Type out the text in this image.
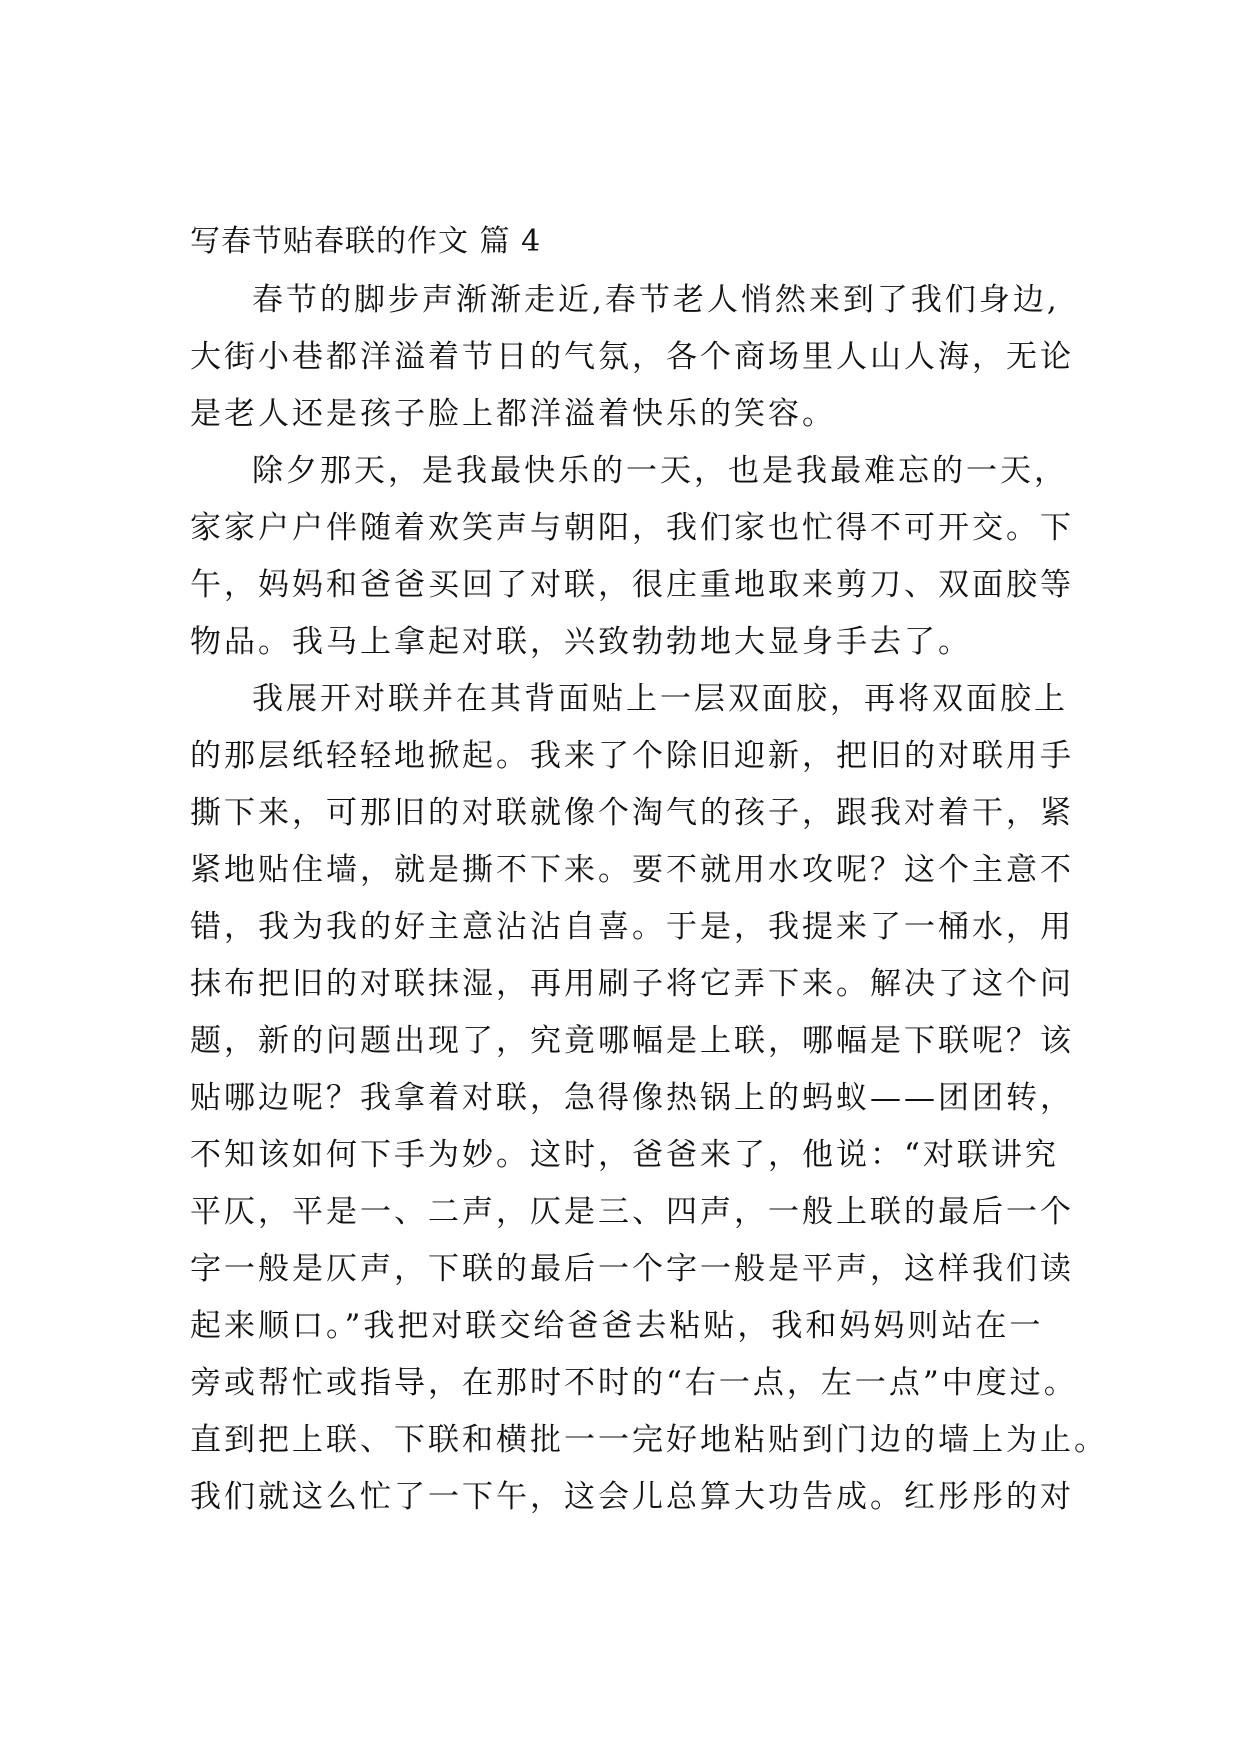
写春节贴春联的作文 篇 4
春节的脚步声渐渐走近,春节老人悄然来到了我们身边,
大街小巷都洋溢着节日的气氛，各个商场里人山人海，无论
是老人还是孩子脸上都洋溢着快乐的笑容。
除夕那天，是我最快乐的一天，也是我最难忘的一天，
家家户户伴随着欢笑声与朝阳，我们家也忙得不可开交。下
午，妈妈和爸爸买回了对联，很庄重地取来剪刀、双面胶等
物品。我马上拿起对联，兴致勃勃地大显身手去了。
我展开对联并在其背面贴上一层双面胶，再将双面胶上
的那层纸轻轻地掀起。我来了个除旧迎新，把旧的对联用手
撕下来，可那旧的对联就像个淘气的孩子，跟我对着干，紧
紧地贴住墙，就是撕不下来。要不就用水攻呢？这个主意不
错，我为我的好主意沾沾自喜。于是，我提来了一桶水，用
抹布把旧的对联抹湿，再用刷子将它弄下来。解决了这个问
题，新的问题出现了，究竟哪幅是上联，哪幅是下联呢？该
贴哪边呢？我拿着对联，急得像热锅上的蚂蚁——团团转，
不知该如何下手为妙。这时，爸爸来了，他说：“对联讲究
平仄，平是一、二声，仄是三、四声，一般上联的最后一个
字一般是仄声，下联的最后一个字一般是平声，这样我们读
起来顺口。”我把对联交给爸爸去粘贴，我和妈妈则站在一
旁或帮忙或指导，在那时不时的“右一点，左一点”中度过。
直到把上联、下联和横批一一完好地粘贴到门边的墙上为止。
我们就这么忙了一下午，这会儿总算大功告成。红彤彤的对
